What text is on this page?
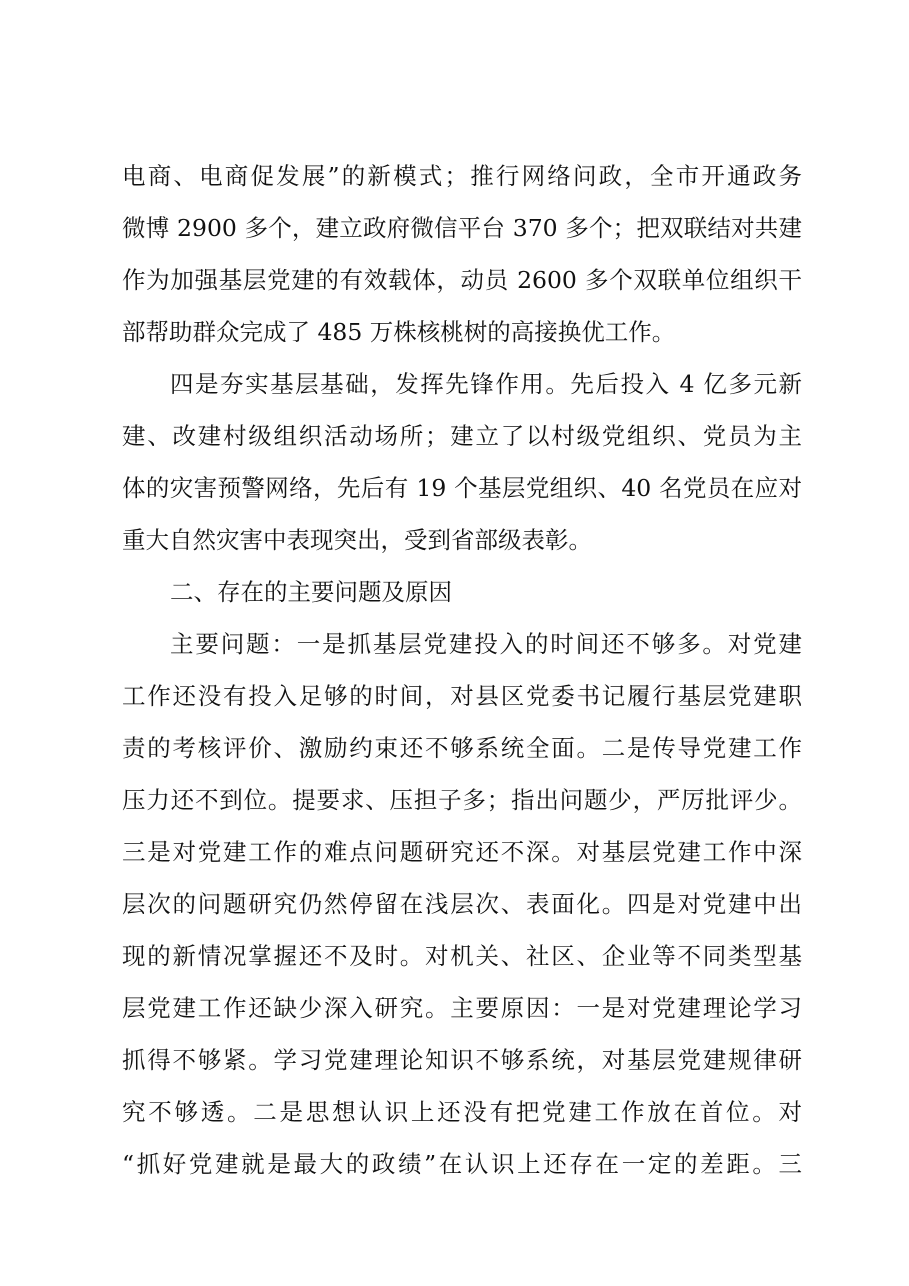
电商、电商促发展”的新模式；推行网络问政，全市开通政务
微博 2900 多个，建立政府微信平台 370 多个；把双联结对共建
作为加强基层党建的有效载体，动员 2600 多个双联单位组织干
部帮助群众完成了 485 万株核桃树的高接换优工作。
四是夯实基层基础，发挥先锋作用。先后投入 4 亿多元新
建、改建村级组织活动场所；建立了以村级党组织、党员为主
体的灾害预警网络，先后有 19 个基层党组织、40 名党员在应对
重大自然灾害中表现突出，受到省部级表彰。
二、存在的主要问题及原因
主要问题：一是抓基层党建投入的时间还不够多。对党建
工作还没有投入足够的时间，对县区党委书记履行基层党建职
责的考核评价、激励约束还不够系统全面。二是传导党建工作
压力还不到位。提要求、压担子多；指出问题少，严厉批评少。
三是对党建工作的难点问题研究还不深。对基层党建工作中深
层次的问题研究仍然停留在浅层次、表面化。四是对党建中出
现的新情况掌握还不及时。对机关、社区、企业等不同类型基
层党建工作还缺少深入研究。主要原因：一是对党建理论学习
抓得不够紧。学习党建理论知识不够系统，对基层党建规律研
究不够透。二是思想认识上还没有把党建工作放在首位。对
“抓好党建就是最大的政绩”在认识上还存在一定的差距。三
